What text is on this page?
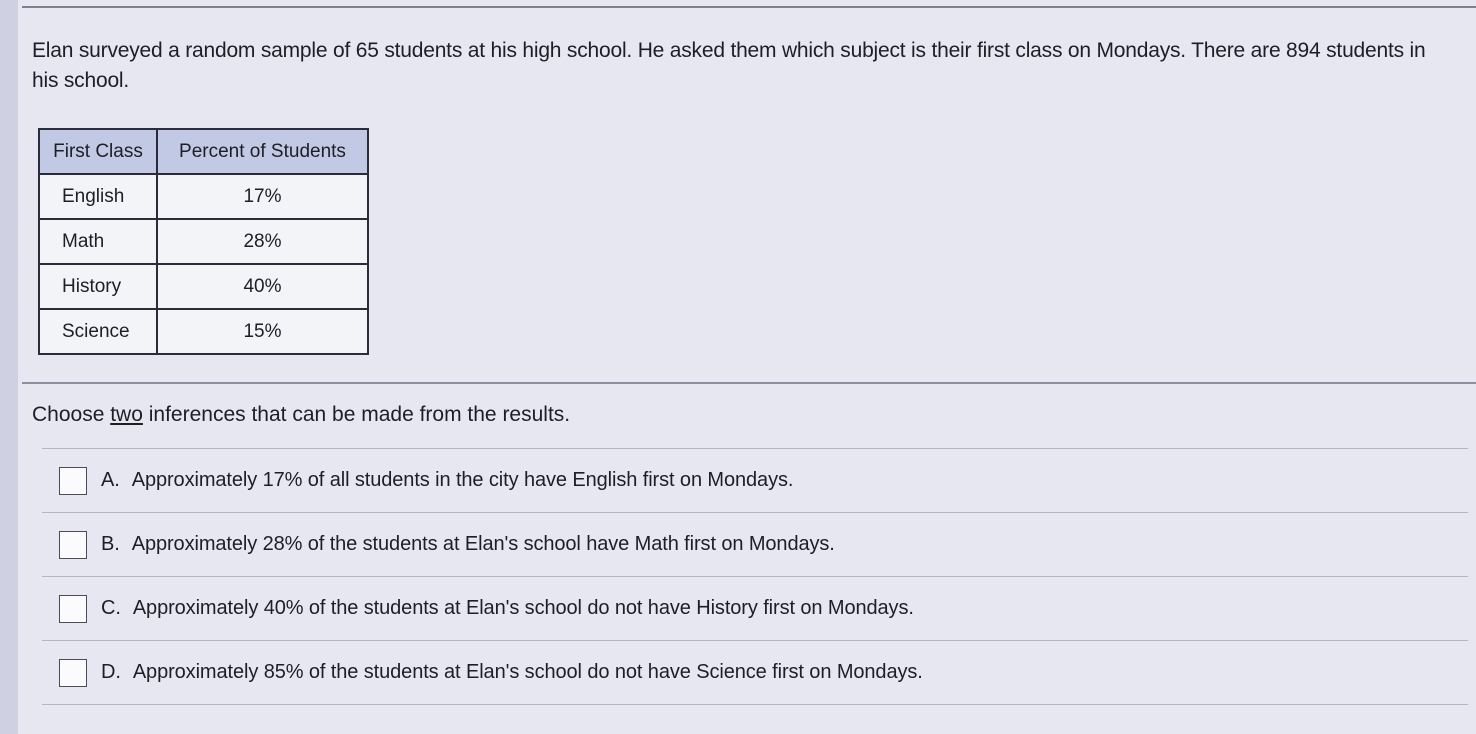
Elan surveyed a random sample of 65 students at his high school. He asked them which subject is their first class on Mondays. There are 894 students in his school.
First Class	Percent of Students
English	17%
Math	28%
History	40%
Science	15%
Choose two inferences that can be made from the results.
A. Approximately 17% of all students in the city have English first on Mondays.
B. Approximately 28% of the students at Elan's school have Math first on Mondays.
C. Approximately 40% of the students at Elan's school do not have History first on Mondays.
D. Approximately 85% of the students at Elan's school do not have Science first on Mondays.
